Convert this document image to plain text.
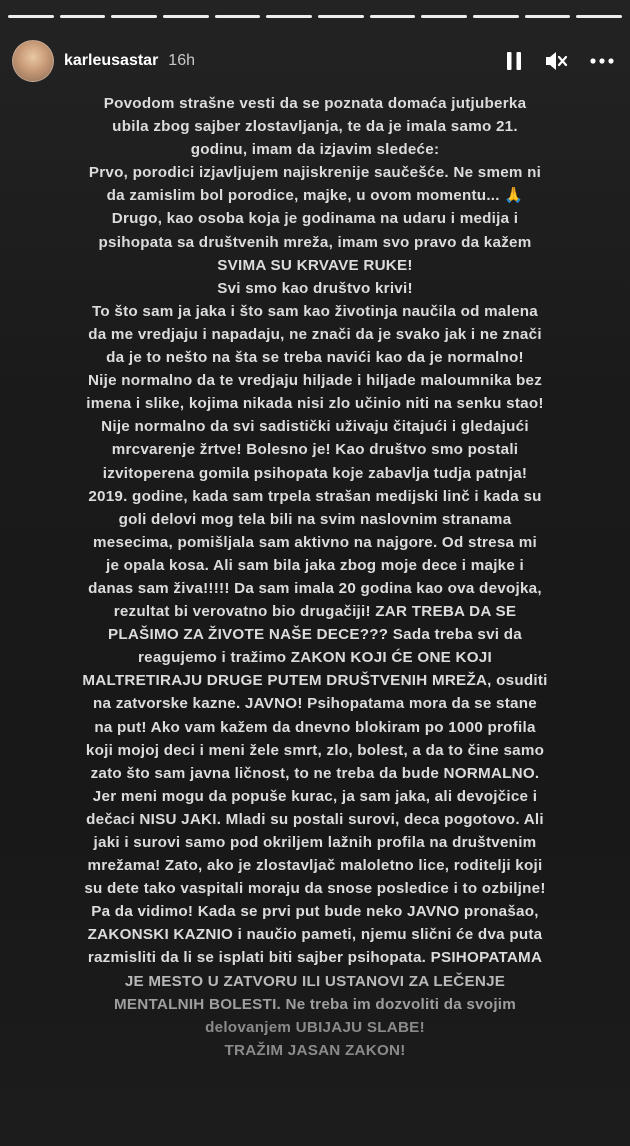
karleusastar 16h
Povodom strašne vesti da se poznata domaća jutjuberka
ubila zbog sajber zlostavljanja, te da je imala samo 21.
godinu, imam da izjavim sledeće:
Prvo, porodici izjavljujem najiskrenije saučešće. Ne smem ni
da zamislim bol porodice, majke, u ovom momentu... 🙏
Drugo, kao osoba koja je godinama na udaru i medija i
psihopata sa društvenih mreža, imam svo pravo da kažem
SVIMA SU KRVAVE RUKE!
Svi smo kao društvo krivi!
To što sam ja jaka i što sam kao životinja naučila od malena
da me vredjaju i napadaju, ne znači da je svako jak i ne znači
da je to nešto na šta se treba navići kao da je normalno!
Nije normalno da te vredjaju hiljade i hiljade maloumnika bez
imena i slike, kojima nikada nisi zlo učinio niti na senku stao!
Nije normalno da svi sadistički uživaju čitajući i gledajući
mrcvarenje žrtve! Bolesno je! Kao društvo smo postali
izvitoperena gomila psihopata koje zabavlja tudja patnja!
2019. godine, kada sam trpela strašan medijski linč i kada su
goli delovi mog tela bili na svim naslovnim stranama
mesecima, pomišljala sam aktivno na najgore. Od stresa mi
je opala kosa. Ali sam bila jaka zbog moje dece i majke i
danas sam živa!!!!! Da sam imala 20 godina kao ova devojka,
rezultat bi verovatno bio drugačiji! ZAR TREBA DA SE
PLAŠIMO ZA ŽIVOTE NAŠE DECE??? Sada treba svi da
reagujemo i tražimo ZAKON KOJI ĆE ONE KOJI
MALTRETIRAJU DRUGE PUTEM DRUŠTVENIH MREŽA, osuditi
na zatvorske kazne. JAVNO! Psihopatama mora da se stane
na put! Ako vam kažem da dnevno blokiram po 1000 profila
koji mojoj deci i meni žele smrt, zlo, bolest, a da to čine samo
zato što sam javna ličnost, to ne treba da bude NORMALNO.
Jer meni mogu da popuše kurac, ja sam jaka, ali devojčice i
dečaci NISU JAKI. Mladi su postali surovi, deca pogotovo. Ali
jaki i surovi samo pod okriljem lažnih profila na društvenim
mrežama! Zato, ako je zlostavljač maloletno lice, roditelji koji
su dete tako vaspitali moraju da snose posledice i to ozbiljne!
Pa da vidimo! Kada se prvi put bude neko JAVNO pronašao,
ZAKONSKI KAZNIO i naučio pameti, njemu slični će dva puta
razmisliti da li se isplati biti sajber psihopata. PSIHOPATAMA
JE MESTO U ZATVORU ILI USTANOVI ZA LEČENJE
MENTALNIH BOLESTI. Ne treba im dozvoliti da svojim
delovanjem UBIJAJU SLABE!
TRAŽIM JASAN ZAKON!
